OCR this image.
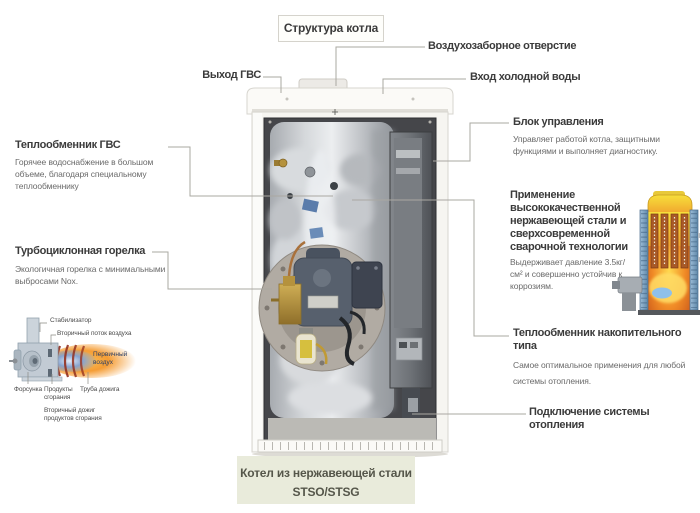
Структура котла
Выход ГВС
Теплообменник ГВС
Горячее водоснабжение в большом объеме, благодаря специальному теплообменнику
Турбоциклонная горелка
Экологичная горелка с минимальными выбросами Nox.
Воздухозаборное отверстие
Вход холодной воды
Блок управления
Управляет работой котла, защитными функциями и выполняет диагностику.
Применение высококачественной нержавеющей стали и сверхсовременной сварочной технологии
Выдерживает давление 3.5кг/см² и совершенно устойчив к коррозиям.
Теплообменник накопительного типа
Самое оптимальное применения для любой системы отопления.
Подключение системы отопления
Стабилизатор
Вторичный поток воздуха
Первичный воздух
Форсунка Продукты сгорания
Труба дожига
Вторичный дожиг продуктов сгорания
Котел из нержавеющей стали STSO/STSG
